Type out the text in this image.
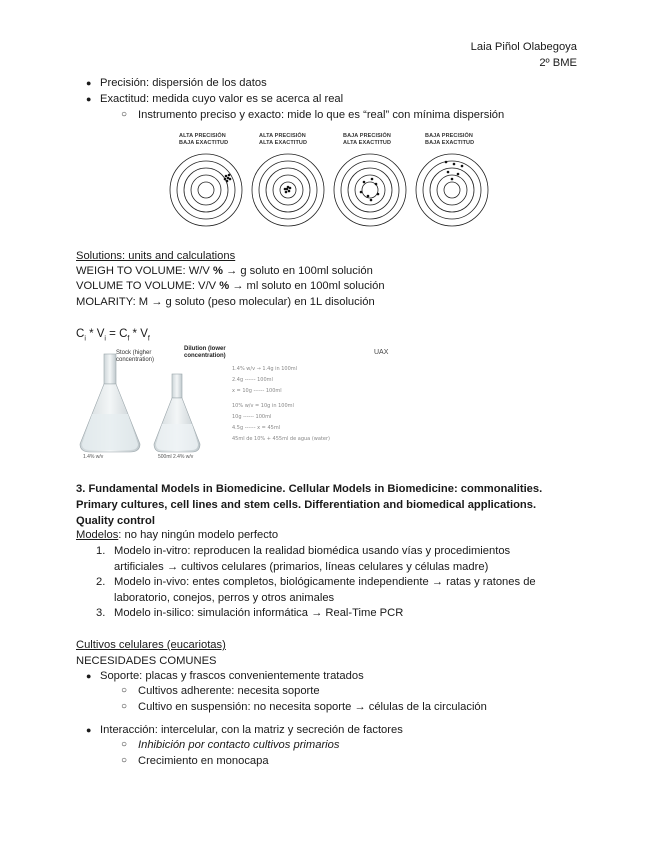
Laia Piñol Olabegoya
2º BME
● Precisión: dispersión de los datos
● Exactitud: medida cuyo valor es se acerca al real
○ Instrumento preciso y exacto: mide lo que es “real” con mínima dispersión
ALTA PRECISIÓN
BAJA EXACTITUD
ALTA PRECISIÓN
ALTA EXACTITUD
BAJA PRECISIÓN
ALTA EXACTITUD
BAJA PRECISIÓN
BAJA EXACTITUD
Solutions: units and calculations
WEIGH TO VOLUME: W/V % → g soluto en 100ml solución
VOLUME TO VOLUME: V/V % → ml soluto en 100ml solución
MOLARITY: M → g soluto (peso molecular) en 1L disolución
$C_i * V_i = C_f * V_f$
Stock (higher concentration)
Dilution (lower concentration)
1.4% w/v	500ml 2.4% w/v
1.4% w/v → 1.4g in 100ml
2.4g ------ 100ml
x = 10g ------ 100ml
10% w/v = 10g in 100ml
10g ------ 100ml
4.5g ------ x = 45ml
45ml de 10% + 455ml de agua (water)
UAX
3. Fundamental Models in Biomedicine. Cellular Models in Biomedicine: commonalities. Primary cultures, cell lines and stem cells. Differentiation and biomedical applications. Quality control
Modelos: no hay ningún modelo perfecto
1. Modelo in-vitro: reproducen la realidad biomédica usando vías y procedimientos
artificiales → cultivos celulares (primarios, líneas celulares y células madre)
2. Modelo in-vivo: entes completos, biológicamente independiente → ratas y ratones de
laboratorio, conejos, perros y otros animales
3. Modelo in-silico: simulación informática → Real-Time PCR
Cultivos celulares (eucariotas)
NECESIDADES COMUNES
● Soporte: placas y frascos convenientemente tratados
○ Cultivos adherente: necesita soporte
○ Cultivo en suspensión: no necesita soporte → células de la circulación
● Interacción: intercelular, con la matriz y secreción de factores
○ Inhibición por contacto cultivos primarios
○ Crecimiento en monocapa
